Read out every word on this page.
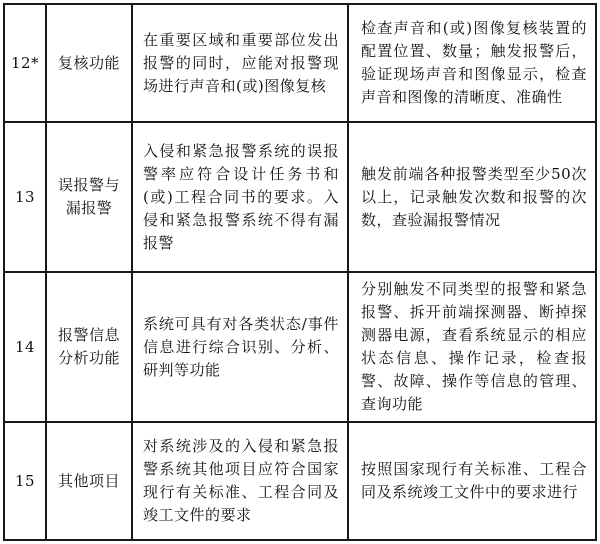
12*	复核功能	在重要区域和重要部位发出报警的同时，应能对报警现场进行声音和(或)图像复核	检查声音和(或)图像复核装置的配置位置、数量；触发报警后，验证现场声音和图像显示，检查声音和图像的清晰度、准确性
13	误报警与漏报警	入侵和紧急报警系统的误报警率应符合设计任务书和(或)工程合同书的要求。入侵和紧急报警系统不得有漏报警	触发前端各种报警类型至少50次以上，记录触发次数和报警的次数，查验漏报警情况
14	报警信息分析功能	系统可具有对各类状态/事件信息进行综合识别、分析、研判等功能	分别触发不同类型的报警和紧急报警、拆开前端探测器、断掉探测器电源，查看系统显示的相应状态信息、操作记录，检查报警、故障、操作等信息的管理、查询功能
15	其他项目	对系统涉及的入侵和紧急报警系统其他项目应符合国家现行有关标准、工程合同及竣工文件的要求	按照国家现行有关标准、工程合同及系统竣工文件中的要求进行
